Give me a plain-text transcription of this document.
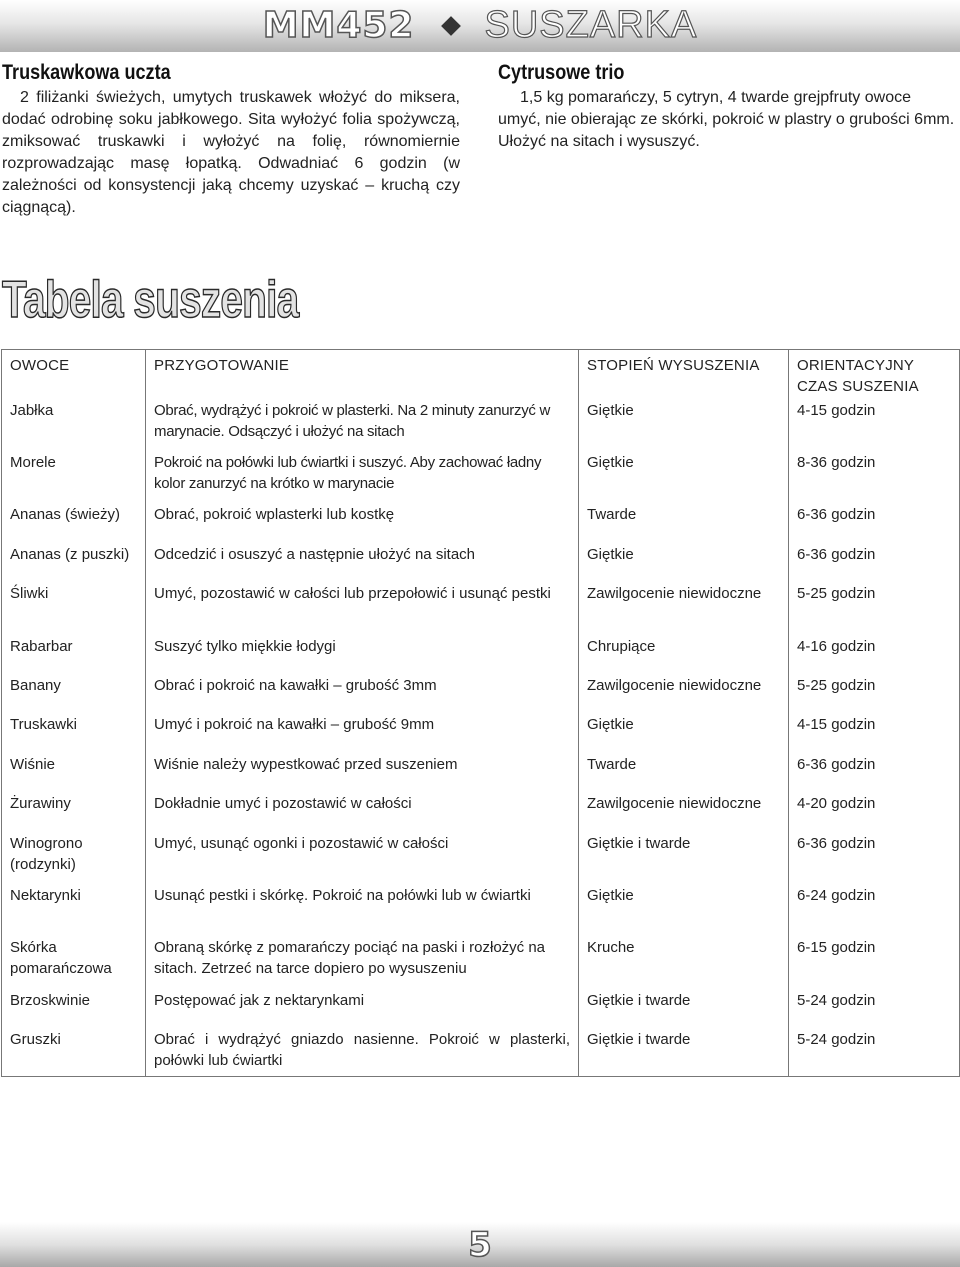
MM452 SUSZARKA
Truskawkowa uczta

2 filiżanki świeżych, umytych truskawek włożyć do miksera, dodać odrobinę soku jabłkowego. Sita wyłożyć folia spożywczą, zmiksować truskawki i wyłożyć na folię, równomiernie rozprowadzając masę łopatką. Odwadniać 6 godzin (w zależności od konsystencji jaką chcemy uzyskać – kruchą czy ciągnącą).

Cytrusowe trio

1,5 kg pomarańczy, 5 cytryn, 4 twarde grejpfruty owoce umyć, nie obierając ze skórki, pokroić w plastry o grubości 6mm. Ułożyć na sitach i wysuszyć.

Tabela suszenia
OWOCE	PRZYGOTOWANIE	STOPIEŃ WYSUSZENIA	ORIENTACYJNY CZAS SUSZENIA
Jabłka	Obrać, wydrążyć i pokroić w plasterki. Na 2 minuty zanurzyć w marynacie. Odsączyć i ułożyć na sitach	Giętkie	4-15 godzin
Morele	Pokroić na połówki lub ćwiartki i suszyć. Aby zachować ładny kolor zanurzyć na krótko w marynacie	Giętkie	8-36 godzin
Ananas (świeży)	Obrać, pokroić wplasterki lub kostkę	Twarde	6-36 godzin
Ananas (z puszki)	Odcedzić i osuszyć a następnie ułożyć na sitach	Giętkie	6-36 godzin
Śliwki	Umyć, pozostawić w całości lub przepołowić i usunąć pestki	Zawilgocenie niewidoczne	5-25 godzin
Rabarbar	Suszyć tylko miękkie łodygi	Chrupiące	4-16 godzin
Banany	Obrać i pokroić na kawałki – grubość 3mm	Zawilgocenie niewidoczne	5-25 godzin
Truskawki	Umyć i pokroić na kawałki – grubość 9mm	Giętkie	4-15 godzin
Wiśnie	Wiśnie należy wypestkować przed suszeniem	Twarde	6-36 godzin
Żurawiny	Dokładnie umyć i pozostawić w całości	Zawilgocenie niewidoczne	4-20 godzin
Winogrono (rodzynki)	Umyć, usunąć ogonki i pozostawić w całości	Giętkie i twarde	6-36 godzin
Nektarynki	Usunąć pestki i skórkę. Pokroić na połówki lub w ćwiartki	Giętkie	6-24 godzin
Skórka pomarańczowa	Obraną skórkę z pomarańczy pociąć na paski i rozłożyć na sitach. Zetrzeć na tarce dopiero po wysuszeniu	Kruche	6-15 godzin
Brzoskwinie	Postępować jak z nektarynkami	Giętkie i twarde	5-24 godzin
Gruszki	Obrać i wydrążyć gniazdo nasienne. Pokroić w plasterki, połówki lub ćwiartki	Giętkie i twarde	5-24 godzin
5
